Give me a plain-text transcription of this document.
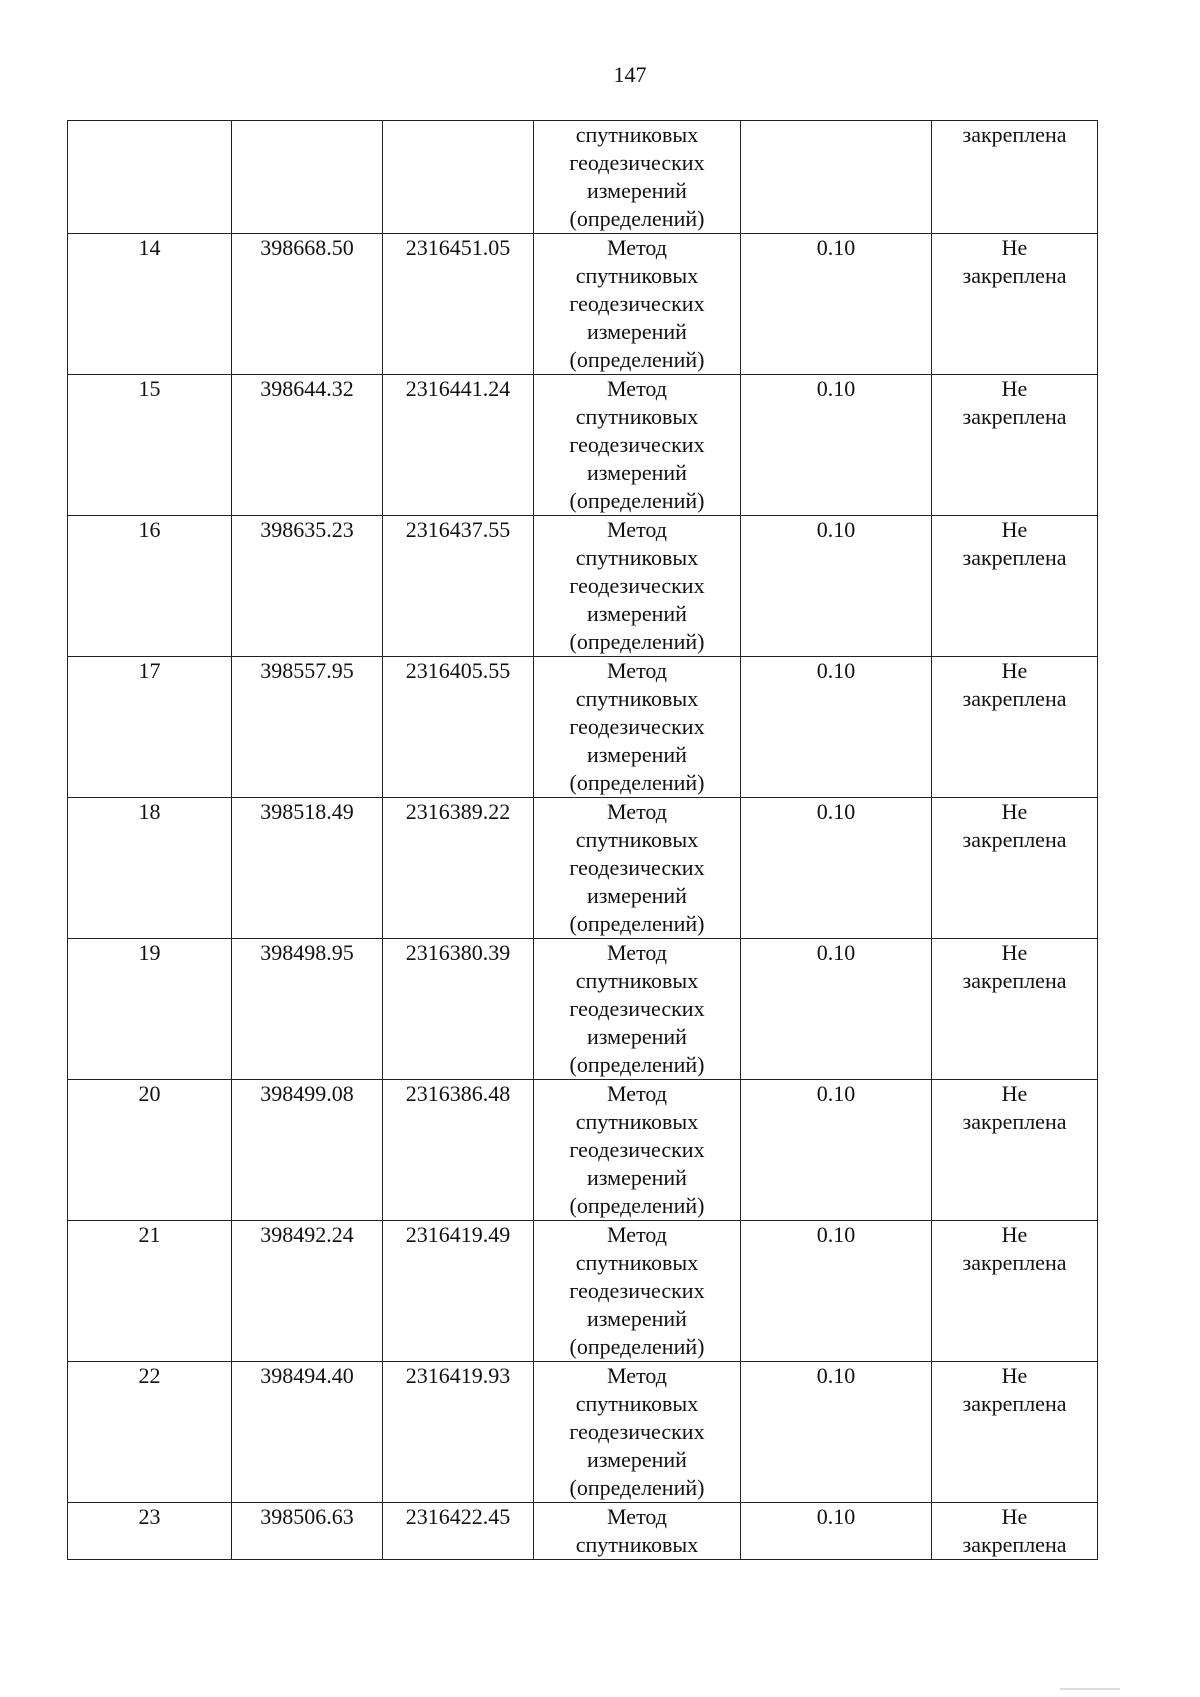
147
			спутниковых
геодезических
измерений
(определений)		закреплена
14	398668.50	2316451.05	Метод
спутниковых
геодезических
измерений
(определений)	0.10	Не
закреплена
15	398644.32	2316441.24	Метод
спутниковых
геодезических
измерений
(определений)	0.10	Не
закреплена
16	398635.23	2316437.55	Метод
спутниковых
геодезических
измерений
(определений)	0.10	Не
закреплена
17	398557.95	2316405.55	Метод
спутниковых
геодезических
измерений
(определений)	0.10	Не
закреплена
18	398518.49	2316389.22	Метод
спутниковых
геодезических
измерений
(определений)	0.10	Не
закреплена
19	398498.95	2316380.39	Метод
спутниковых
геодезических
измерений
(определений)	0.10	Не
закреплена
20	398499.08	2316386.48	Метод
спутниковых
геодезических
измерений
(определений)	0.10	Не
закреплена
21	398492.24	2316419.49	Метод
спутниковых
геодезических
измерений
(определений)	0.10	Не
закреплена
22	398494.40	2316419.93	Метод
спутниковых
геодезических
измерений
(определений)	0.10	Не
закреплена
23	398506.63	2316422.45	Метод
спутниковых	0.10	Не
закреплена
